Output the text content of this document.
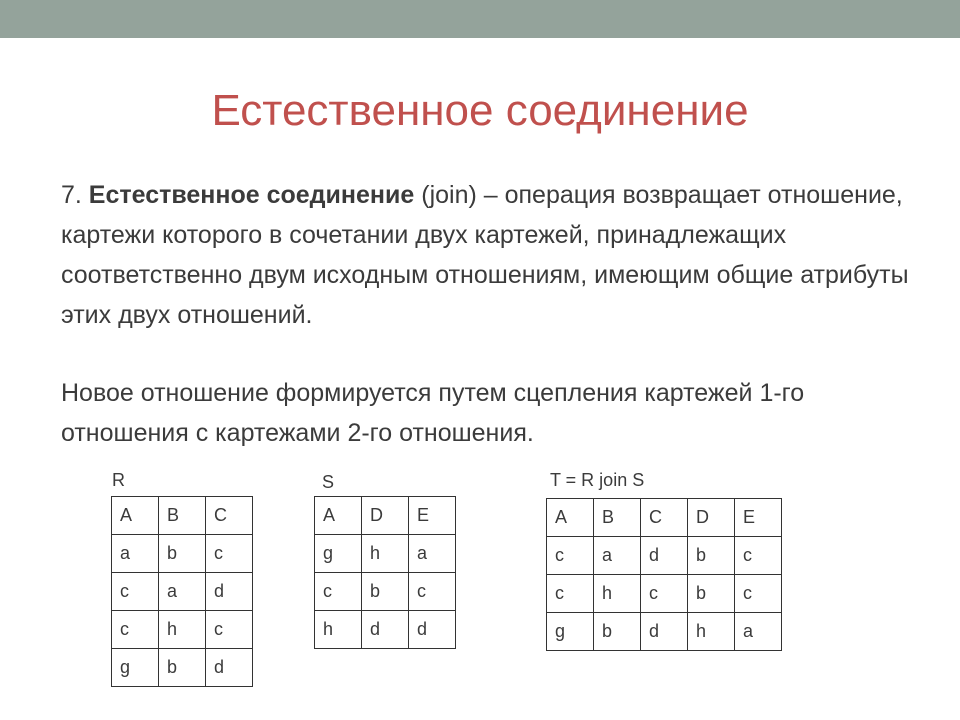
Естественное соединение

7. Естественное соединение (join) – операция возвращает отношение, картежи которого в сочетании двух картежей, принадлежащих соответственно двум исходным отношениям, имеющим общие атрибуты этих двух отношений.

Новое отношение формируется путем сцепления картежей 1-го отношения с картежами 2-го отношения.

R
A	B	C
a	b	c
c	a	d
c	h	c
g	b	d
S
A	D	E
g	h	a
c	b	c
h	d	d
T = R join S
A	B	C	D	E
c	a	d	b	c
c	h	c	b	c
g	b	d	h	a
